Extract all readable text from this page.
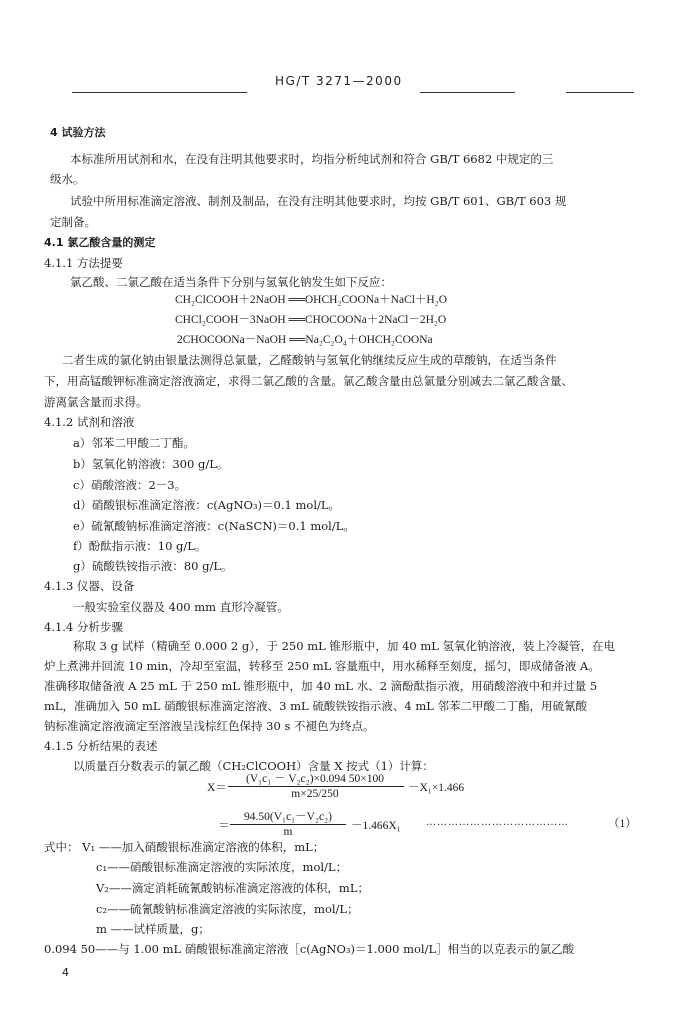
HG/T 3271—2000
4 试验方法
本标准所用试剂和水，在没有注明其他要求时，均指分析纯试剂和符合 GB/T 6682 中规定的三
级水。
试验中所用标准滴定溶液、制剂及制品，在没有注明其他要求时，均按 GB/T 601、GB/T 603 规
定制备。
4.1 氯乙酸含量的测定
4.1.1 方法提要
氯乙酸、二氯乙酸在适当条件下分别与氢氧化钠发生如下反应：
CH₂ClCOOH＋2NaOH ══OHCH₂COONa＋NaCl＋H₂O
CHCl₂COOH－3NaOH ══CHOCOONa＋2NaCl－2H₂O
2CHOCOONa－NaOH ══Na₂C₂O₄＋OHCH₂COONa
二者生成的氯化钠由银量法测得总氯量，乙醛酸钠与氢氧化钠继续反应生成的草酸钠，在适当条件
下，用高锰酸钾标准滴定溶液滴定，求得二氯乙酸的含量。氯乙酸含量由总氯量分别减去二氯乙酸含量、
游离氯含量而求得。
4.1.2 试剂和溶液
a）邻苯二甲酸二丁酯。
b）氢氧化钠溶液：300 g/L。
c）硝酸溶液：2－3。
d）硝酸银标准滴定溶液：c(AgNO₃)＝0.1 mol/L。
e）硫氰酸钠标准滴定溶液：c(NaSCN)＝0.1 mol/L。
f）酚酞指示液：10 g/L。
g）硫酸铁铵指示液：80 g/L。
4.1.3 仪器、设备
一般实验室仪器及 400 mm 直形冷凝管。
4.1.4 分析步骤
称取 3 g 试样（精确至 0.000 2 g），于 250 mL 锥形瓶中，加 40 mL 氢氧化钠溶液，装上冷凝管，在电
炉上煮沸并回流 10 min，冷却至室温，转移至 250 mL 容量瓶中，用水稀释至刻度，摇匀，即成储备液 A。
准确移取储备液 A 25 mL 于 250 mL 锥形瓶中，加 40 mL 水、2 滴酚酞指示液，用硝酸溶液中和并过量 5
mL，准确加入 50 mL 硝酸银标准滴定溶液、3 mL 硫酸铁铵指示液、4 mL 邻苯二甲酸二丁酯，用硫氰酸
钠标准滴定溶液滴定至溶液呈浅棕红色保持 30 s 不褪色为终点。
4.1.5 分析结果的表述
以质量百分数表示的氯乙酸（CH₂ClCOOH）含量 X 按式（1）计算：
X＝
(V₁c₁ － V₂c₂)×0.094 50×100
m×25/250	－X₁×1.466
＝
94.50(V₁c₁－V₂c₂)
m	－1.466X₁	…………………………………	（1）
式中： V₁ ——加入硝酸银标准滴定溶液的体积，mL；
c₁——硝酸银标准滴定溶液的实际浓度，mol/L；
V₂——滴定消耗硫氰酸钠标准滴定溶液的体积，mL；
c₂——硫氰酸钠标准滴定溶液的实际浓度，mol/L；
m ——试样质量，g；
0.094 50——与 1.00 mL 硝酸银标准滴定溶液［c(AgNO₃)＝1.000 mol/L］相当的以克表示的氯乙酸
4
